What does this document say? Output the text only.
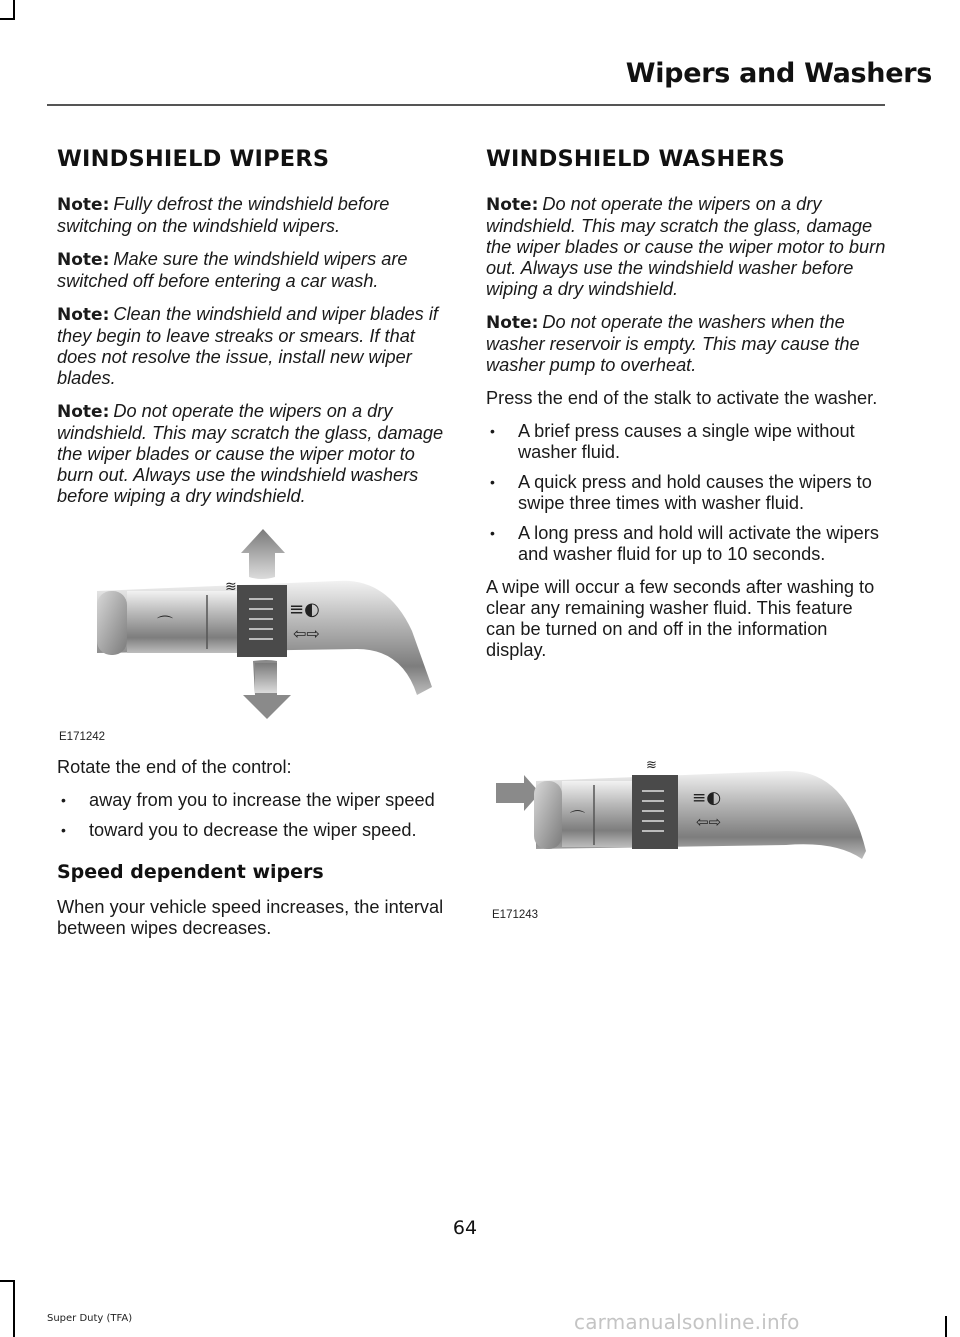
Wipers and Washers
WINDSHIELD WIPERS

Note: Fully defrost the windshield before switching on the windshield wipers.

Note: Make sure the windshield wipers are switched off before entering a car wash.

Note: Clean the windshield and wiper blades if they begin to leave streaks or smears. If that does not resolve the issue, install new wiper blades.

Note: Do not operate the wipers on a dry windshield. This may scratch the glass, damage the wiper blades or cause the wiper motor to burn out. Always use the windshield washers before wiping a dry windshield.

⌒
≋
≡◐
⇦⇨
E171242

Rotate the end of the control:

• away from you to increase the wiper speed
• toward you to decrease the wiper speed.
Speed dependent wipers

When your vehicle speed increases, the interval between wipes decreases.

WINDSHIELD WASHERS

Note: Do not operate the wipers on a dry windshield. This may scratch the glass, damage the wiper blades or cause the wiper motor to burn out. Always use the windshield washer before wiping a dry windshield.

Note: Do not operate the washers when the washer reservoir is empty. This may cause the washer pump to overheat.

Press the end of the stalk to activate the washer.

• A brief press causes a single wipe without washer fluid.
• A quick press and hold causes the wipers to swipe three times with washer fluid.
• A long press and hold will activate the wipers and washer fluid for up to 10 seconds.

A wipe will occur a few seconds after washing to clear any remaining washer fluid. This feature can be turned on and off in the information display.

⌒
≋
≡◐
⇦⇨
E171243
64
Super Duty (TFA)	carmanualsonline.info
